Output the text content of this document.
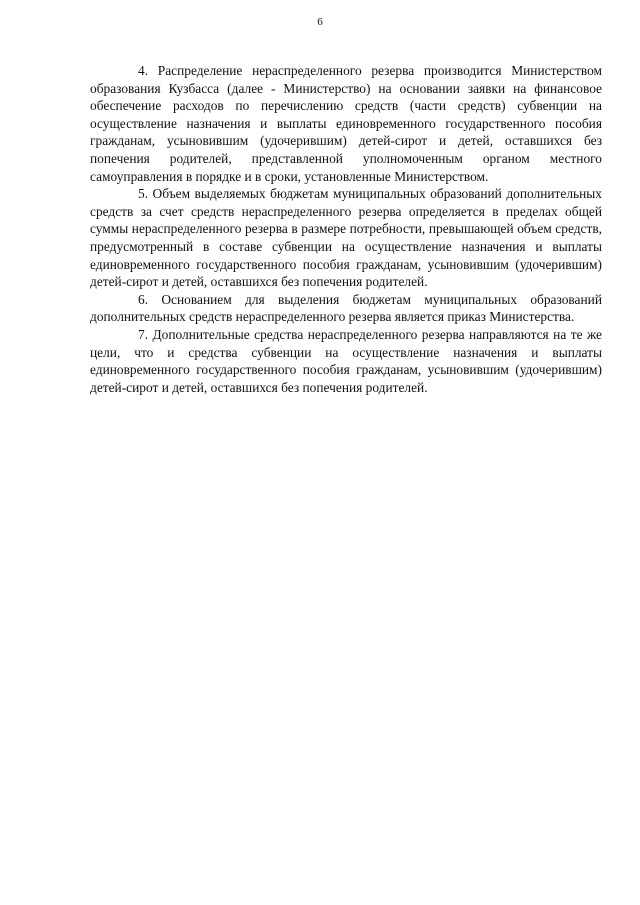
6

4. Распределение нераспределенного резерва производится Министерством образования Кузбасса (далее - Министерство) на основании заявки на финансовое обеспечение расходов по перечислению средств (части средств) субвенции на осуществление назначения и выплаты единовременного государственного пособия гражданам, усыновившим (удочерившим) детей-сирот и детей, оставшихся без попечения родителей, представленной уполномоченным органом местного самоуправления в порядке и в сроки, установленные Министерством.

5. Объем выделяемых бюджетам муниципальных образований дополнительных средств за счет средств нераспределенного резерва определяется в пределах общей суммы нераспределенного резерва в размере потребности, превышающей объем средств, предусмотренный в составе субвенции на осуществление назначения и выплаты единовременного государственного пособия гражданам, усыновившим (удочерившим) детей-сирот и детей, оставшихся без попечения родителей.

6. Основанием для выделения бюджетам муниципальных образований дополнительных средств нераспределенного резерва является приказ Министерства.

7. Дополнительные средства нераспределенного резерва направляются на те же цели, что и средства субвенции на осуществление назначения и выплаты единовременного государственного пособия гражданам, усыновившим (удочерившим) детей-сирот и детей, оставшихся без попечения родителей.
